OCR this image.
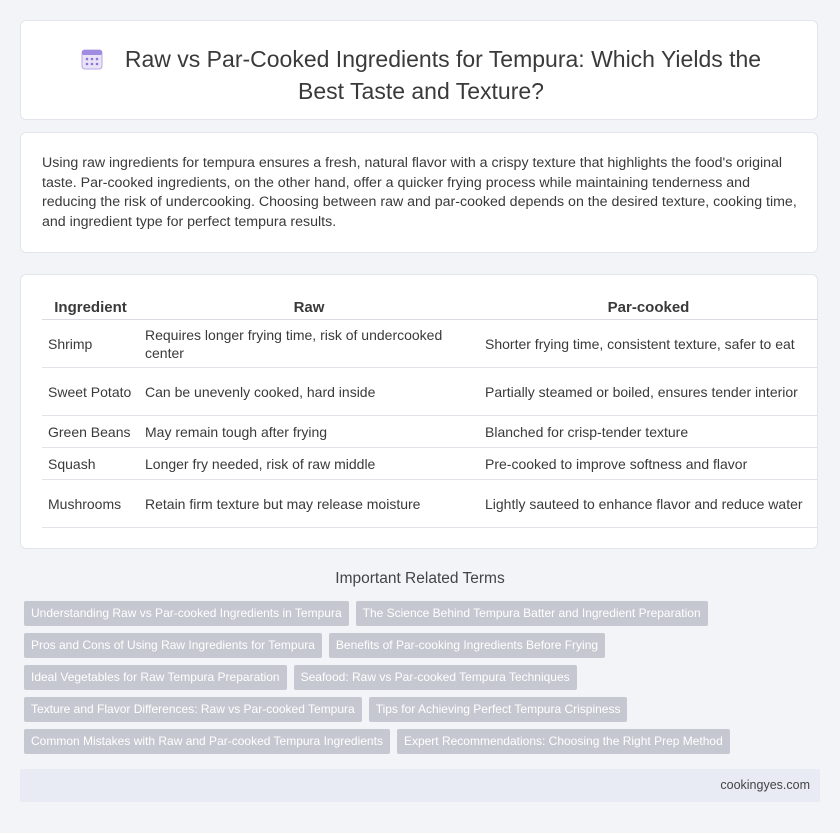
Raw vs Par-Cooked Ingredients for Tempura: Which Yields the Best Taste and Texture?

Using raw ingredients for tempura ensures a fresh, natural flavor with a crispy texture that highlights the food's original taste. Par-cooked ingredients, on the other hand, offer a quicker frying process while maintaining tenderness and reducing the risk of undercooking. Choosing between raw and par-cooked depends on the desired texture, cooking time, and ingredient type for perfect tempura results.

Ingredient	Raw	Par-cooked
Shrimp	Requires longer frying time, risk of undercooked center	Shorter frying time, consistent texture, safer to eat
Sweet Potato	Can be unevenly cooked, hard inside	Partially steamed or boiled, ensures tender interior
Green Beans	May remain tough after frying	Blanched for crisp-tender texture
Squash	Longer fry needed, risk of raw middle	Pre-cooked to improve softness and flavor
Mushrooms	Retain firm texture but may release moisture	Lightly sauteed to enhance flavor and reduce water
Important Related Terms
Understanding Raw vs Par-cooked Ingredients in Tempura The Science Behind Tempura Batter and Ingredient Preparation
Pros and Cons of Using Raw Ingredients for Tempura Benefits of Par-cooking Ingredients Before Frying
Ideal Vegetables for Raw Tempura Preparation Seafood: Raw vs Par-cooked Tempura Techniques
Texture and Flavor Differences: Raw vs Par-cooked Tempura Tips for Achieving Perfect Tempura Crispiness
Common Mistakes with Raw and Par-cooked Tempura Ingredients Expert Recommendations: Choosing the Right Prep Method
cookingyes.com
